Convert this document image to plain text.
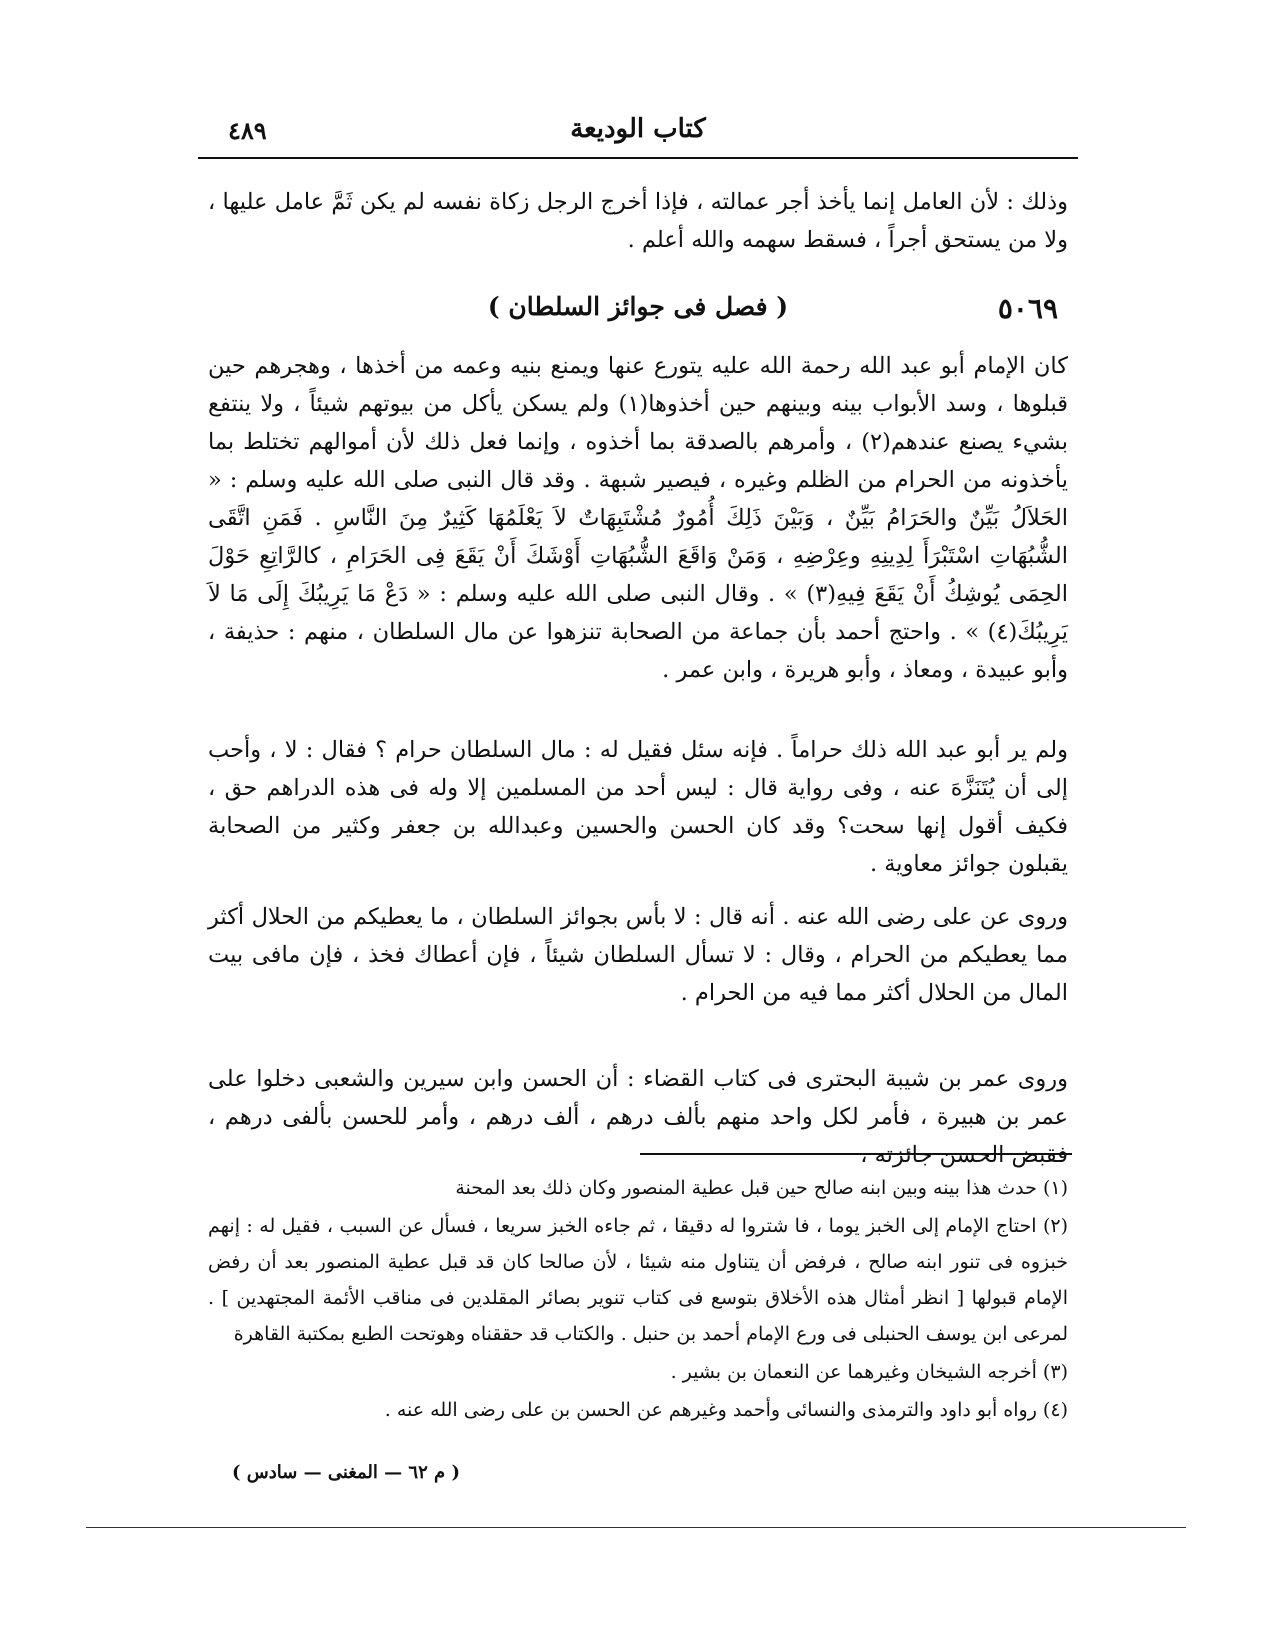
٤٨٩	كتاب الوديعة

وذلك : لأن العامل إنما يأخذ أجر عمالته ، فإذا أخرج الرجل زكاة نفسه لم يكن ثَمَّ عامل عليها ، ولا من يستحق أجراً ، فسقط سهمه والله أعلم .

٥٠٦٩
( فصل فى جوائز السلطان )

كان الإمام أبو عبد الله رحمة الله عليه يتورع عنها ويمنع بنيه وعمه من أخذها ، وهجرهم حين قبلوها ، وسد الأبواب بينه وبينهم حين أخذوها(١) ولم يسكن يأكل من بيوتهم شيئاً ، ولا ينتفع بشيء يصنع عندهم(٢) ، وأمرهم بالصدقة بما أخذوه ، وإنما فعل ذلك لأن أموالهم تختلط بما يأخذونه من الحرام من الظلم وغيره ، فيصير شبهة . وقد قال النبى صلى الله عليه وسلم : « الحَلاَلُ بَيِّنٌ والحَرَامُ بَيِّنٌ ، وَبَيْنَ ذَلِكَ أُمُورٌ مُشْتَبِهَاتٌ لاَ يَعْلَمُهَا كَثِيرٌ مِنَ النَّاسِ . فَمَنِ اتَّقَى الشُّبُهَاتِ اسْتَبْرَأَ لِدِينِهِ وعِرْضِهِ ، وَمَنْ وَاقَعَ الشُّبُهَاتِ أَوْشَكَ أَنْ يَقَعَ فِى الحَرَامِ ، كالرَّاتِعِ حَوْلَ الحِمَى يُوشِكُ أَنْ يَقَعَ فِيهِ(٣) » . وقال النبى صلى الله عليه وسلم : « دَعْ مَا يَرِيبُكَ إِلَى مَا لاَ يَرِيبُكَ(٤) » . واحتج أحمد بأن جماعة من الصحابة تنزهوا عن مال السلطان ، منهم : حذيفة ، وأبو عبيدة ، ومعاذ ، وأبو هريرة ، وابن عمر .

ولم ير أبو عبد الله ذلك حراماً . فإنه سئل فقيل له : مال السلطان حرام ؟ فقال : لا ، وأحب إلى أن يُتَنَزَّهَ عنه ، وفى رواية قال : ليس أحد من المسلمين إلا وله فى هذه الدراهم حق ، فكيف أقول إنها سحت؟ وقد كان الحسن والحسين وعبدالله بن جعفر وكثير من الصحابة يقبلون جوائز معاوية .

وروى عن على رضى الله عنه . أنه قال : لا بأس بجوائز السلطان ، ما يعطيكم من الحلال أكثر مما يعطيكم من الحرام ، وقال : لا تسأل السلطان شيئاً ، فإن أعطاك فخذ ، فإن مافى بيت المال من الحلال أكثر مما فيه من الحرام .

وروى عمر بن شيبة البحترى فى كتاب القضاء : أن الحسن وابن سيرين والشعبى دخلوا على عمر بن هبيرة ، فأمر لكل واحد منهم بألف درهم ، ألف درهم ، وأمر للحسن بألفى درهم ، فقبض الحسن جائزته ،

(١) حدث هذا بينه وبين ابنه صالح حين قبل عطية المنصور وكان ذلك بعد المحنة

(٢) احتاج الإمام إلى الخبز يوما ، فا شتروا له دقيقا ، ثم جاءه الخبز سريعا ، فسأل عن السبب ، فقيل له : إنهم خبزوه فى تنور ابنه صالح ، فرفض أن يتناول منه شيئا ، لأن صالحا كان قد قبل عطية المنصور بعد أن رفض الإمام قبولها [ انظر أمثال هذه الأخلاق بتوسع فى كتاب تنوير بصائر المقلدين فى مناقب الأئمة المجتهدين ] . لمرعى ابن يوسف الحنبلى فى ورع الإمام أحمد بن حنبل . والكتاب قد حققناه وهوتحت الطبع بمكتبة القاهرة

(٣) أخرجه الشيخان وغيرهما عن النعمان بن بشير .

(٤) رواه أبو داود والترمذى والنسائى وأحمد وغيرهم عن الحسن بن على رضى الله عنه .

( م ٦٢ — المغنى — سادس )
